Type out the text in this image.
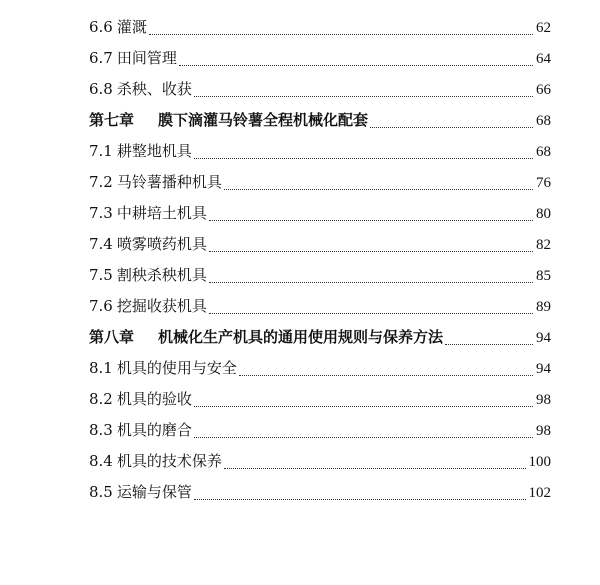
6.6 灌溉	62
6.7 田间管理	64
6.8 杀秧、收获	66
第七章 膜下滴灌马铃薯全程机械化配套	68
7.1 耕整地机具	68
7.2 马铃薯播种机具	76
7.3 中耕培土机具	80
7.4 喷雾喷药机具	82
7.5 割秧杀秧机具	85
7.6 挖掘收获机具	89
第八章 机械化生产机具的通用使用规则与保养方法	94
8.1 机具的使用与安全	94
8.2 机具的验收	98
8.3 机具的磨合	98
8.4 机具的技术保养	100
8.5 运输与保管	102
